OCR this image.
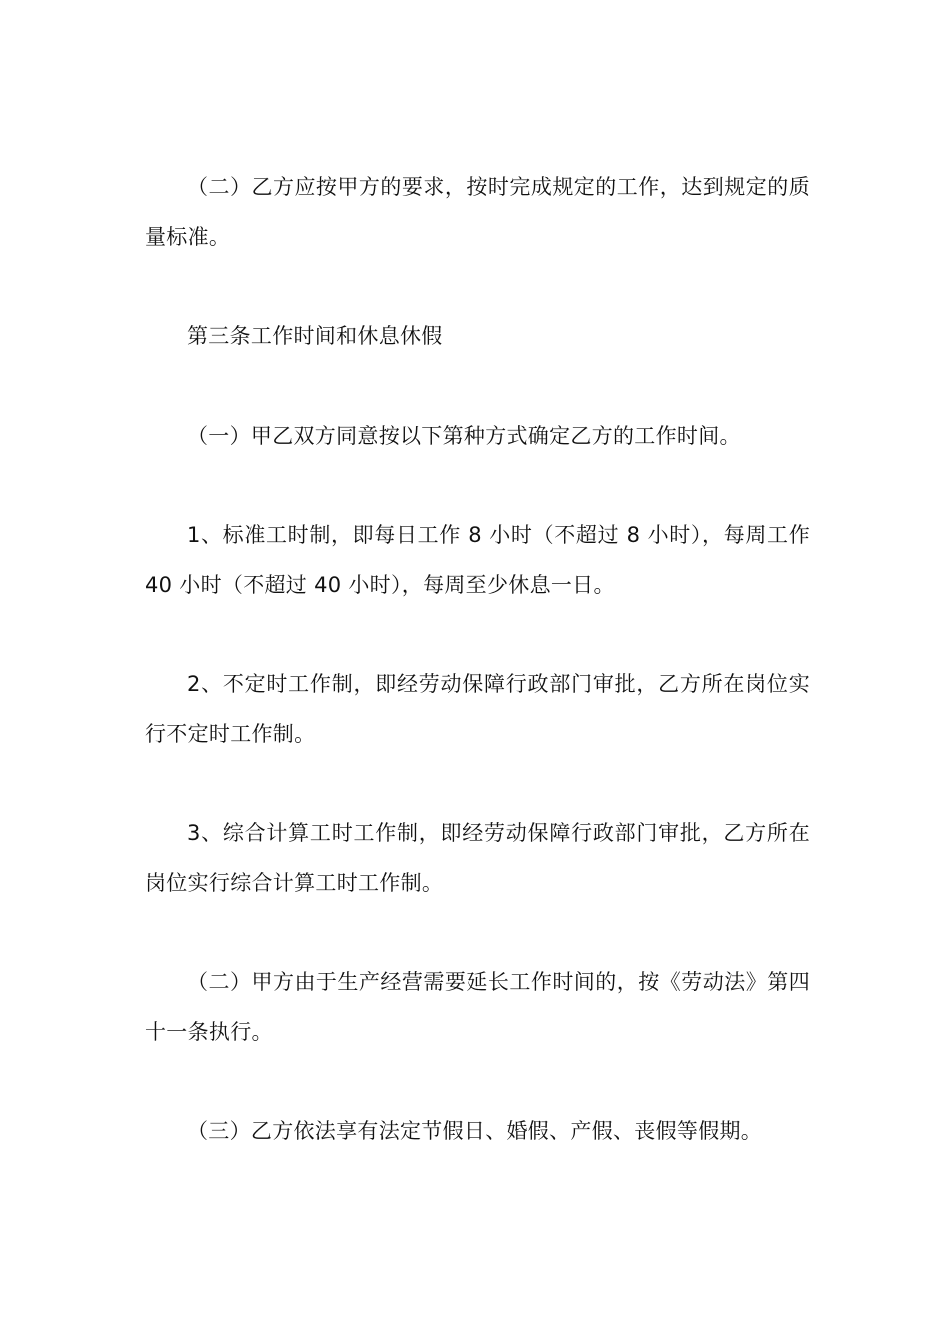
（二）乙方应按甲方的要求，按时完成规定的工作，达到规定的质量标准。

第三条工作时间和休息休假

（一）甲乙双方同意按以下第种方式确定乙方的工作时间。

1、标准工时制，即每日工作 8 小时（不超过 8 小时），每周工作 40 小时（不超过 40 小时），每周至少休息一日。

2、不定时工作制，即经劳动保障行政部门审批，乙方所在岗位实行不定时工作制。

3、综合计算工时工作制，即经劳动保障行政部门审批，乙方所在岗位实行综合计算工时工作制。

（二）甲方由于生产经营需要延长工作时间的，按《劳动法》第四十一条执行。

（三）乙方依法享有法定节假日、婚假、产假、丧假等假期。
